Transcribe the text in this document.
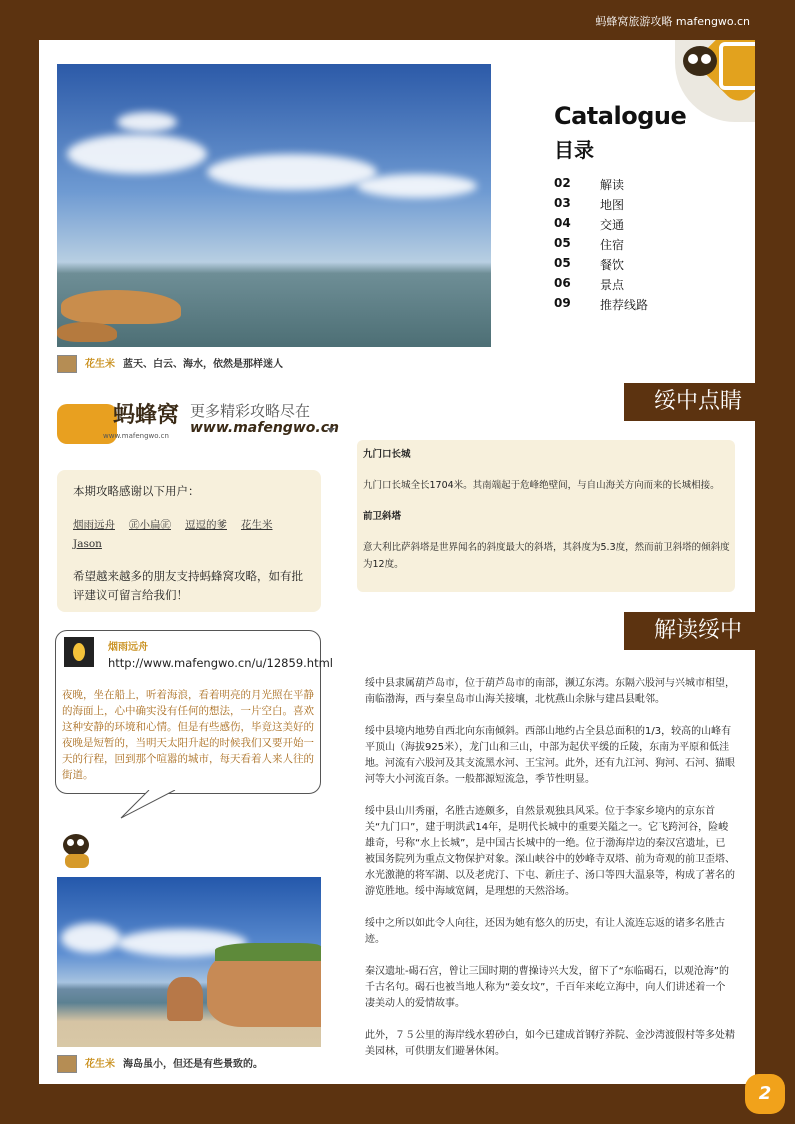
蚂蜂窝旅游攻略 mafengwo.cn
花生米 蓝天、白云、海水，依然是那样迷人
Catalogue
目录
02	解读
03	地图
04	交通
05	住宿
05	餐饮
06	景点
09	推荐线路
绥中点睛
蚂蜂窝
www.mafengwo.cn
更多精彩攻略尽在
www.mafengwo.cn
本期攻略感谢以下用户：
烟雨远舟 ㊣小扁㊣ 逗逗的爹 花生米
Jason
希望越来越多的朋友支持蚂蜂窝攻略，如有批评建议可留言给我们！
九门口长城
九门口长城全长1704米。其南端起于危峰绝壁间，与自山海关方向而来的长城相接。
前卫斜塔
意大利比萨斜塔是世界闻名的斜度最大的斜塔，其斜度为5.3度，然而前卫斜塔的倾斜度为12度。
解读绥中
烟雨远舟
http://www.mafengwo.cn/u/12859.html
夜晚，坐在船上，听着海浪，看着明亮的月光照在平静的海面上，心中确实没有任何的想法，一片空白。喜欢这种安静的环境和心情。但是有些感伤，毕竟这美好的夜晚是短暂的，当明天太阳升起的时候我们又要开始一天的行程，回到那个喧嚣的城市，每天看着人来人往的街道。

绥中县隶属葫芦岛市，位于葫芦岛市的南部，濒辽东湾。东隔六股河与兴城市相望，南临渤海，西与秦皇岛市山海关接壤，北枕燕山余脉与建昌县毗邻。

绥中县境内地势自西北向东南倾斜。西部山地约占全县总面积的1/3，较高的山峰有平顶山（海拔925米），龙门山和三山，中部为起伏平缓的丘陵，东南为平原和低洼地。河流有六股河及其支流黑水河、王宝河。此外，还有九江河、狗河、石河、猫眼河等大小河流百条。一般都源短流急，季节性明显。

绥中县山川秀丽，名胜古迹颇多，自然景观独具风采。位于李家乡境内的京东首关“九门口”，建于明洪武14年，是明代长城中的重要关隘之一。它飞跨河谷，险峻雄奇，号称“水上长城”，是中国古长城中的一绝。位于渤海岸边的秦汉宫遗址，已被国务院列为重点文物保护对象。深山峡谷中的妙峰寺双塔、前为奇观的前卫歪塔、水光激滟的将军湖、以及老虎汀、下屯、新庄子、汤口等四大温泉等，构成了著名的游览胜地。绥中海域宽阔，是理想的天然浴场。

绥中之所以如此令人向往，还因为她有悠久的历史，有让人流连忘返的诸多名胜古迹。

秦汉遗址-碣石宫，曾让三国时期的曹操诗兴大发，留下了“东临碣石，以观沧海”的千古名句。碣石也被当地人称为“姜女坟”，千百年来屹立海中，向人们讲述着一个凄美动人的爱情故事。

此外，７５公里的海岸线水碧砂白，如今已建成首钢疗养院、金沙湾渡假村等多处精美园林，可供朋友们避暑休闲。

花生米 海岛虽小，但还是有些景致的。
2
